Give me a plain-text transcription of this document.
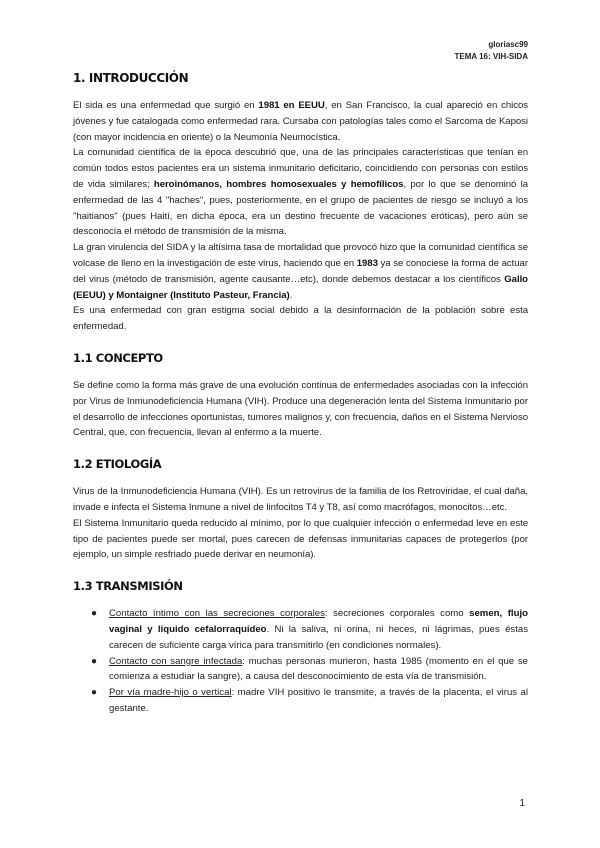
gloriasc99
TEMA 16: VIH-SIDA
1. INTRODUCCIÓN

El sida es una enfermedad que surgió en 1981 en EEUU, en San Francisco, la cual apareció en chicos jóvenes y fue catalogada como enfermedad rara. Cursaba con patologías tales como el Sarcoma de Kaposi (con mayor incidencia en oriente) o la Neumonía Neumocística.

La comunidad científica de la época descubrió que, una de las principales características que tenían en común todos estos pacientes era un sistema inmunitario deficitario, coincidiendo con personas con estilos de vida similares; heroinómanos, hombres homosexuales y hemofílicos, por lo que se denominó la enfermedad de las 4 "haches", pues, posteriormente, en el grupo de pacientes de riesgo se incluyó a los "haitianos" (pues Haití, en dicha época, era un destino frecuente de vacaciones eróticas), pero aún se desconocía el método de transmisión de la misma.

La gran virulencia del SIDA y la altísima tasa de mortalidad que provocó hizo que la comunidad científica se volcase de lleno en la investigación de este virus, haciendo que en 1983 ya se conociese la forma de actuar del virus (método de transmisión, agente causante…etc), donde debemos destacar a los científicos Gallo (EEUU) y Montaigner (Instituto Pasteur, Francia).

Es una enfermedad con gran estigma social debido a la desinformación de la población sobre esta enfermedad.

1.1 CONCEPTO

Se define como la forma más grave de una evolución continua de enfermedades asociadas con la infección por Virus de Inmunodeficiencia Humana (VIH). Produce una degeneración lenta del Sistema Inmunitario por el desarrollo de infecciones oportunistas, tumores malignos y, con frecuencia, daños en el Sistema Nervioso Central, que, con frecuencia, llevan al enfermo a la muerte.

1.2 ETIOLOGÍA

Virus de la Inmunodeficiencia Humana (VIH). Es un retrovirus de la familia de los Retroviridae, el cual daña, invade e infecta el Sistema Inmune a nivel de linfocitos T4 y T8, así como macrófagos, monocitos…etc.

El Sistema Inmunitario queda reducido al mínimo, por lo que cualquier infección o enfermedad leve en este tipo de pacientes puede ser mortal, pues carecen de defensas inmunitarias capaces de protegerlos (por ejemplo, un simple resfriado puede derivar en neumonía).

1.3 TRANSMISIÓN
●	Contacto íntimo con las secreciones corporales: secreciones corporales como semen, flujo vaginal y líquido cefalorraquídeo. Ni la saliva, ni orina, ni heces, ni lágrimas, pues éstas carecen de suficiente carga vírica para transmitirlo (en condiciones normales).
●	Contacto con sangre infectada: muchas personas murieron, hasta 1985 (momento en el que se comienza a estudiar la sangre), a causa del desconocimiento de esta vía de transmisión.
●	Por vía madre-hijo o vertical: madre VIH positivo le transmite, a través de la placenta, el virus al gestante.
1
